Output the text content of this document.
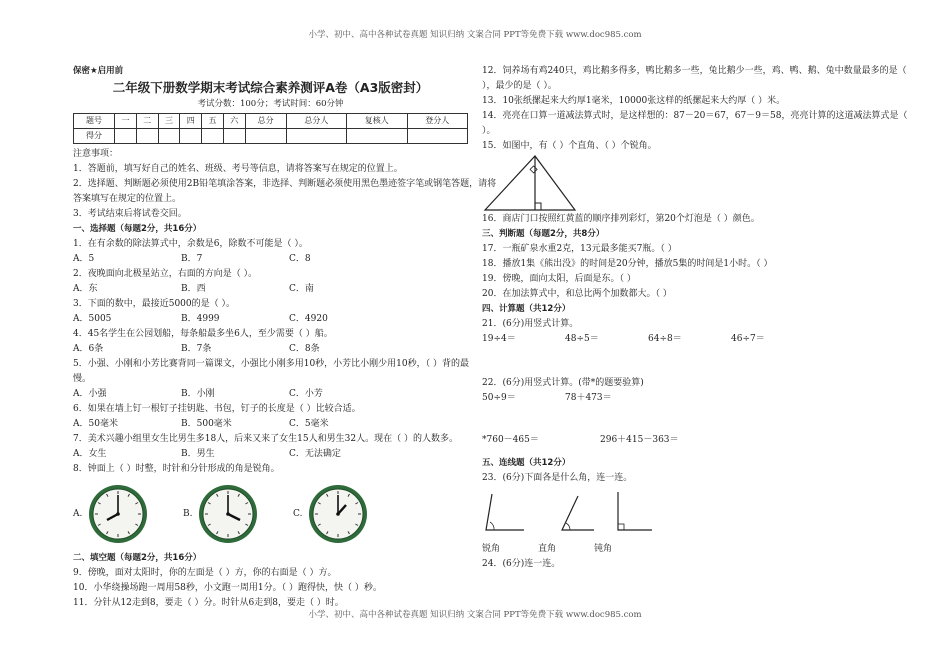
小学、初中、高中各种试卷真题 知识归纳 文案合同 PPT等免费下载 www.doc985.com
保密★启用前
二年级下册数学期末考试综合素养测评A卷（A3版密封）
考试分数：100分；考试时间：60分钟
题号	一	二	三	四	五	六	总分	总分人	复核人	登分人
得分										
注意事项：
1．答题前，填写好自己的姓名、班级、考号等信息，请将答案写在规定的位置上。
2．选择题、判断题必须使用2B铅笔填涂答案，非选择、判断题必须使用黑色墨迹签字笔或钢笔答题，请将
答案填写在规定的位置上。
3．考试结束后将试卷交回。
一、选择题（每题2分，共16分）
1．在有余数的除法算式中，余数是6，除数不可能是（ ）。
A．5	B．7	C．8
2．夜晚面向北极星站立，右面的方向是（ ）。
A．东	B．西	C．南
3．下面的数中，最接近5000的是（ ）。
A．5005	B．4999	C．4920
4．45名学生在公园划船，每条船最多坐6人，至少需要（ ）船。
A．6条	B．7条	C．8条
5．小强、小刚和小芳比赛背同一篇课文，小强比小刚多用10秒，小芳比小刚少用10秒，（ ）背的最
慢。
A．小强	B．小刚	C．小芳
6．如果在墙上钉一根钉子挂钥匙、书包，钉子的长度是（ ）比较合适。
A．50毫米	B．500毫米	C．5毫米
7．美术兴趣小组里女生比男生多18人，后来又来了女生15人和男生32人。现在（ ）的人数多。
A．女生	B．男生	C．无法确定
8．钟面上（ ）时整，时针和分针形成的角是锐角。
A.	B.	C.
二、填空题（每题2分，共16分）
9．傍晚，面对太阳时，你的左面是（ ）方，你的右面是（ ）方。
10．小华绕操场跑一周用58秒，小文跑一周用1分。（ ）跑得快，快（ ）秒。
11．分针从12走到8，要走（ ）分。时针从6走到8，要走（ ）时。
12．饲养场有鸡240只，鸡比鹅多得多，鸭比鹅多一些，兔比鹅少一些，鸡、鸭、鹅、兔中数量最多的是（
），最少的是（ ）。
13．10张纸摞起来大约厚1毫米，10000张这样的纸摞起来大约厚（ ）米。
14．亮亮在口算一道减法算式时，是这样想的：87－20＝67，67－9＝58，亮亮计算的这道减法算式是（
）。
15．如图中，有（ ）个直角、（ ）个锐角。
16．商店门口按照红黄蓝的顺序排列彩灯，第20个灯泡是（ ）颜色。
三、判断题（每题2分，共8分）
17．一瓶矿泉水重2克，13元最多能买7瓶。（ ）
18．播放1集《熊出没》的时间是20分钟，播放5集的时间是1小时。（ ）
19．傍晚，面向太阳，后面是东。（ ）
20．在加法算式中，和总比两个加数都大。（ ）
四、计算题（共12分）
21．(6分)用竖式计算。
19÷4＝	48÷5＝	64÷8＝	46÷7＝
22．(6分)用竖式计算。(带*的题要验算)
50÷9＝	78＋473＝
*760－465＝	296＋415－363＝
五、连线题（共12分）
23．(6分)下面各是什么角，连一连。
锐角	直角	钝角
24．(6分)连一连。
小学、初中、高中各种试卷真题 知识归纳 文案合同 PPT等免费下载 www.doc985.com
